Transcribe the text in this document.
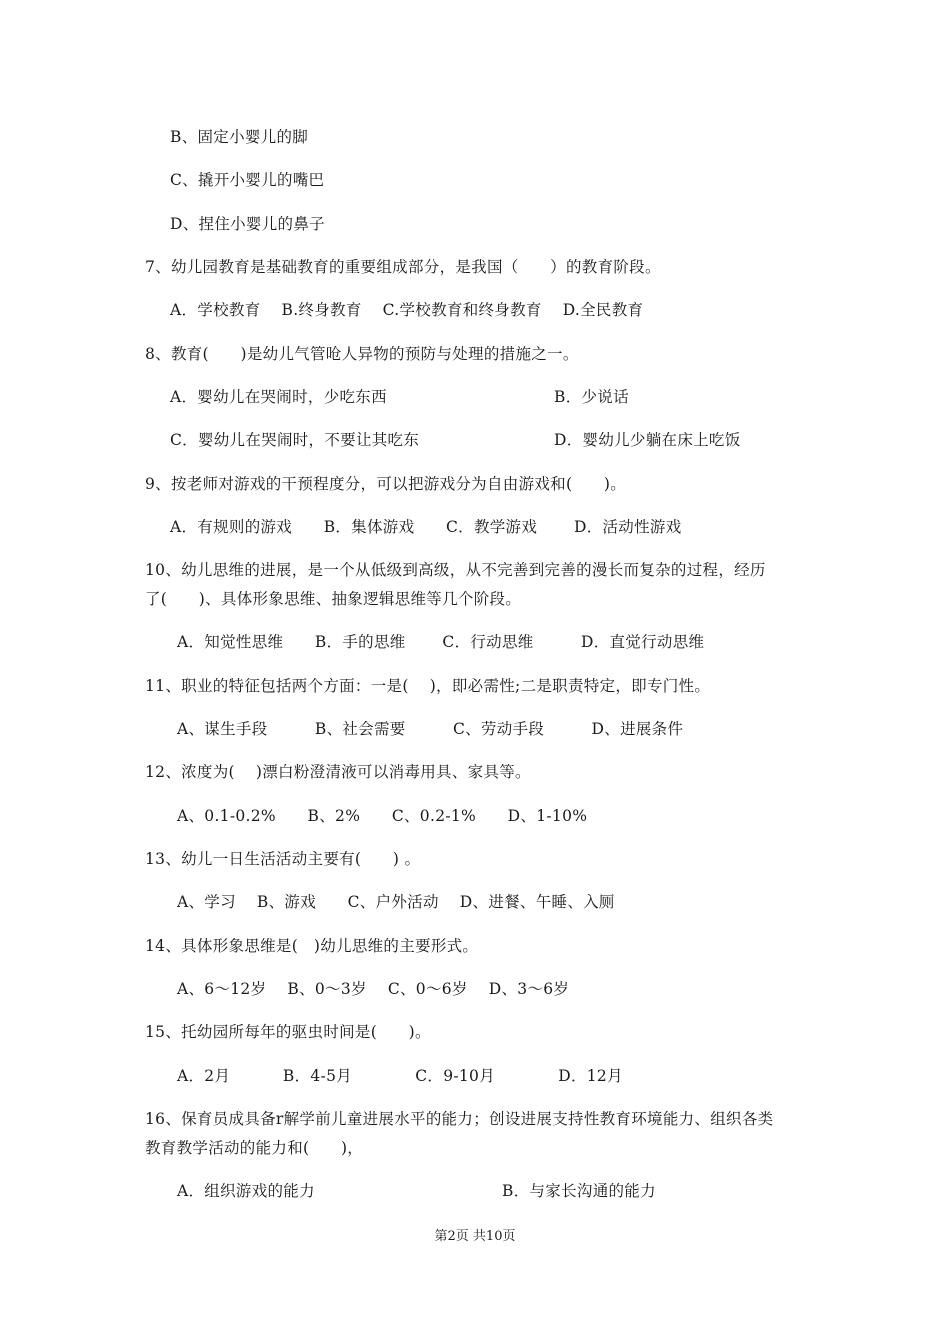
B、固定小婴儿的脚
C、撬开小婴儿的嘴巴
D、捏住小婴儿的鼻子
7、幼儿园教育是基础教育的重要组成部分，是我国（　　）的教育阶段。
A．学校教育　 B.终身教育　 C.学校教育和终身教育　 D.全民教育
8、教育(　　)是幼儿气管呛人异物的预防与处理的措施之一。
A．婴幼儿在哭闹时，少吃东西	B．少说话
C．婴幼儿在哭闹时，不要让其吃东	D．婴幼儿少躺在床上吃饭
9、按老师对游戏的干预程度分，可以把游戏分为自由游戏和(　　)。
A．有规则的游戏　　B．集体游戏　　C．教学游戏　　 D．活动性游戏
10、幼儿思维的进展，是一个从低级到高级，从不完善到完善的漫长而复杂的过程，经历
了(　　)、具体形象思维、抽象逻辑思维等几个阶段。
A．知觉性思维　　B．手的思维　　 C．行动思维　　　D．直觉行动思维
11、职业的特征包括两个方面：一是(　 )，即必需性;二是职责特定，即专门性。
A、谋生手段　　　B、社会需要　　　C、劳动手段　　　D、进展条件
12、浓度为(　 )漂白粉澄清液可以消毒用具、家具等。
A、0.1-0.2%　　B、2%　　C、0.2-1%　　D、1-10%
13、幼儿一日生活活动主要有(　　) 。
A、学习　 B、游戏　　C、户外活动　 D、进餐、午睡、入厕
14、具体形象思维是(　)幼儿思维的主要形式。
A、6～12岁　 B、0～3岁　 C、0～6岁　 D、3～6岁
15、托幼园所每年的驱虫时间是(　　)。
A．2月　　　 B．4-5月　　　　C．9-10月　　　　D．12月
16、保育员成具备r解学前儿童进展水平的能力；创设进展支持性教育环境能力、组织各类
教育教学活动的能力和(　　)，
A．组织游戏的能力	B．与家长沟通的能力
第2页 共10页
